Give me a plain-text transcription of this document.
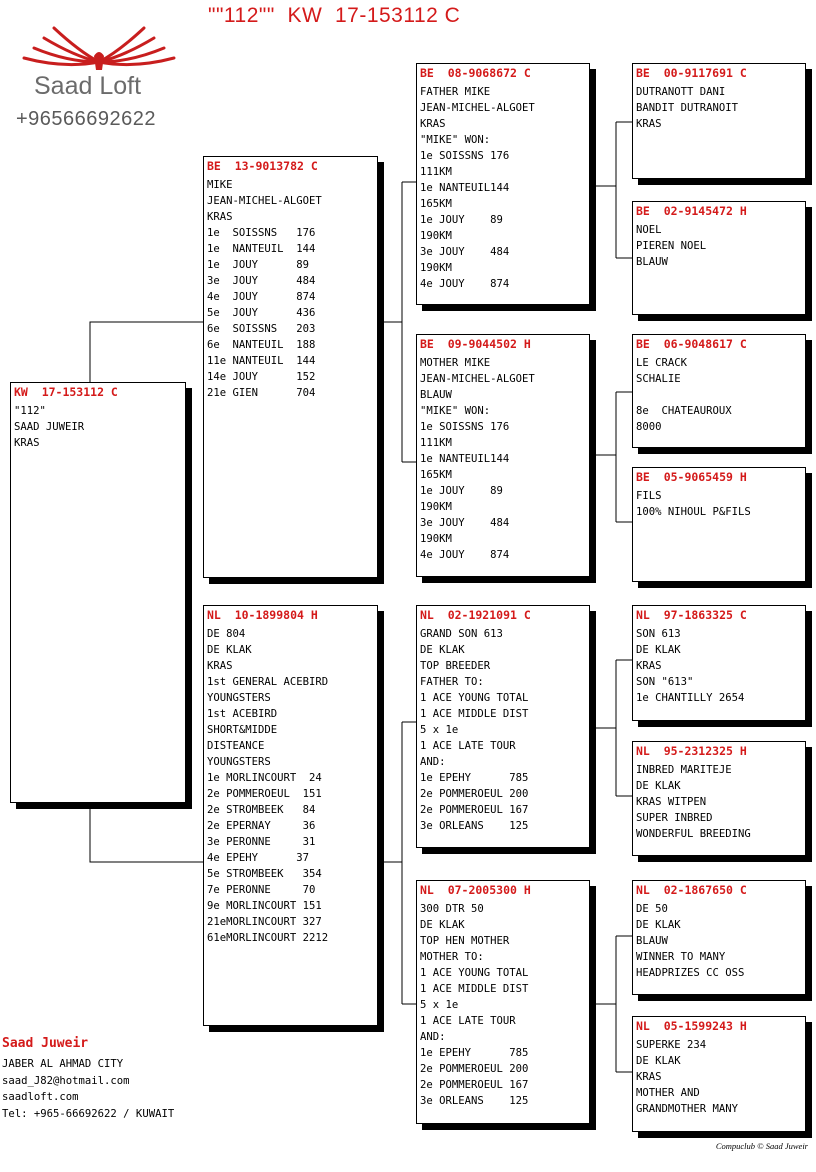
""112""  KW  17-153112 C
Saad Loft
+96566692622
KW  17-153112 C
"112"
SAAD JUWEIR
KRAS
BE  13-9013782 C
MIKE
JEAN-MICHEL-ALGOET
KRAS
1e  SOISSNS   176
1e  NANTEUIL  144
1e  JOUY      89
3e  JOUY      484
4e  JOUY      874
5e  JOUY      436
6e  SOISSNS   203
6e  NANTEUIL  188
11e NANTEUIL  144
14e JOUY      152
21e GIEN      704
NL  10-1899804 H
DE 804
DE KLAK
KRAS
1st GENERAL ACEBIRD
YOUNGSTERS
1st ACEBIRD
SHORT&MIDDE
DISTEANCE
YOUNGSTERS
1e MORLINCOURT  24
2e POMMEROEUL  151
2e STROMBEEK   84
2e EPERNAY     36
3e PERONNE     31
4e EPEHY      37
5e STROMBEEK   354
7e PERONNE     70
9e MORLINCOURT 151
21eMORLINCOURT 327
61eMORLINCOURT 2212
BE  08-9068672 C
FATHER MIKE
JEAN-MICHEL-ALGOET
KRAS
"MIKE" WON:
1e SOISSNS 176
111KM
1e NANTEUIL144
165KM
1e JOUY    89
190KM
3e JOUY    484
190KM
4e JOUY    874
BE  09-9044502 H
MOTHER MIKE
JEAN-MICHEL-ALGOET
BLAUW
"MIKE" WON:
1e SOISSNS 176
111KM
1e NANTEUIL144
165KM
1e JOUY    89
190KM
3e JOUY    484
190KM
4e JOUY    874
NL  02-1921091 C
GRAND SON 613
DE KLAK
TOP BREEDER
FATHER TO:
1 ACE YOUNG TOTAL
1 ACE MIDDLE DIST
5 x 1e
1 ACE LATE TOUR
AND:
1e EPEHY      785
2e POMMEROEUL 200
2e POMMEROEUL 167
3e ORLEANS    125
NL  07-2005300 H
300 DTR 50
DE KLAK
TOP HEN MOTHER
MOTHER TO:
1 ACE YOUNG TOTAL
1 ACE MIDDLE DIST
5 x 1e
1 ACE LATE TOUR
AND:
1e EPEHY      785
2e POMMEROEUL 200
2e POMMEROEUL 167
3e ORLEANS    125
BE  00-9117691 C
DUTRANOTT DANI
BANDIT DUTRANOIT
KRAS
BE  02-9145472 H
NOEL
PIEREN NOEL
BLAUW
BE  06-9048617 C
LE CRACK
SCHALIE
8e  CHATEAUROUX
8000
BE  05-9065459 H
FILS
100% NIHOUL P&FILS
NL  97-1863325 C
SON 613
DE KLAK
KRAS
SON "613"
1e CHANTILLY 2654
NL  95-2312325 H
INBRED MARITEJE
DE KLAK
KRAS WITPEN
SUPER INBRED
WONDERFUL BREEDING
NL  02-1867650 C
DE 50
DE KLAK
BLAUW
WINNER TO MANY
HEADPRIZES CC OSS
NL  05-1599243 H
SUPERKE 234
DE KLAK
KRAS
MOTHER AND
GRANDMOTHER MANY
Saad Juweir
JABER AL AHMAD CITY
saad_J82@hotmail.com
saadloft.com
Tel: +965-66692622 / KUWAIT
Compuclub © Saad Juweir
